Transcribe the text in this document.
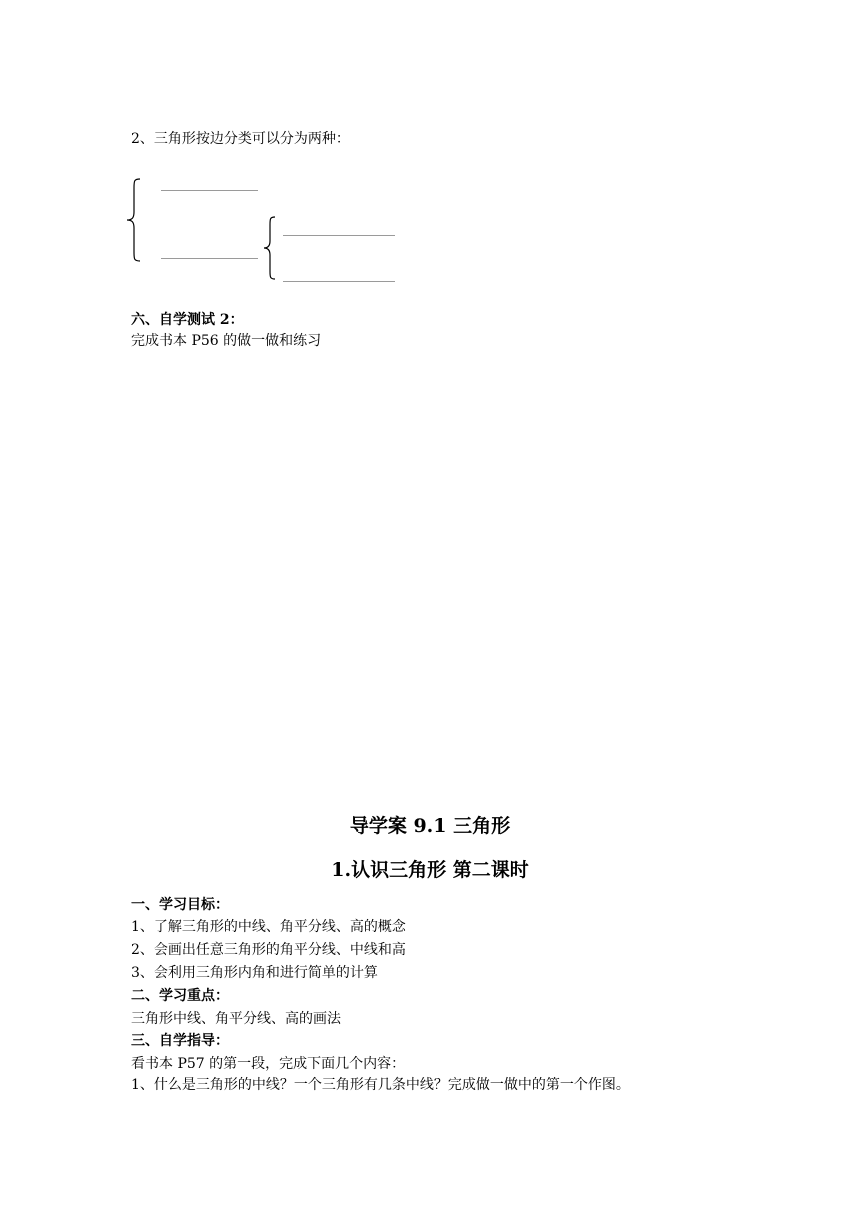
2、三角形按边分类可以分为两种：
六、自学测试 2：
完成书本 P56 的做一做和练习
导学案 9.1 三角形
1.认识三角形 第二课时
一、学习目标：
1、了解三角形的中线、角平分线、高的概念
2、会画出任意三角形的角平分线、中线和高
3、会利用三角形内角和进行简单的计算
二、学习重点：
三角形中线、角平分线、高的画法
三、自学指导：
看书本 P57 的第一段，完成下面几个内容：
1、什么是三角形的中线？一个三角形有几条中线？完成做一做中的第一个作图。
